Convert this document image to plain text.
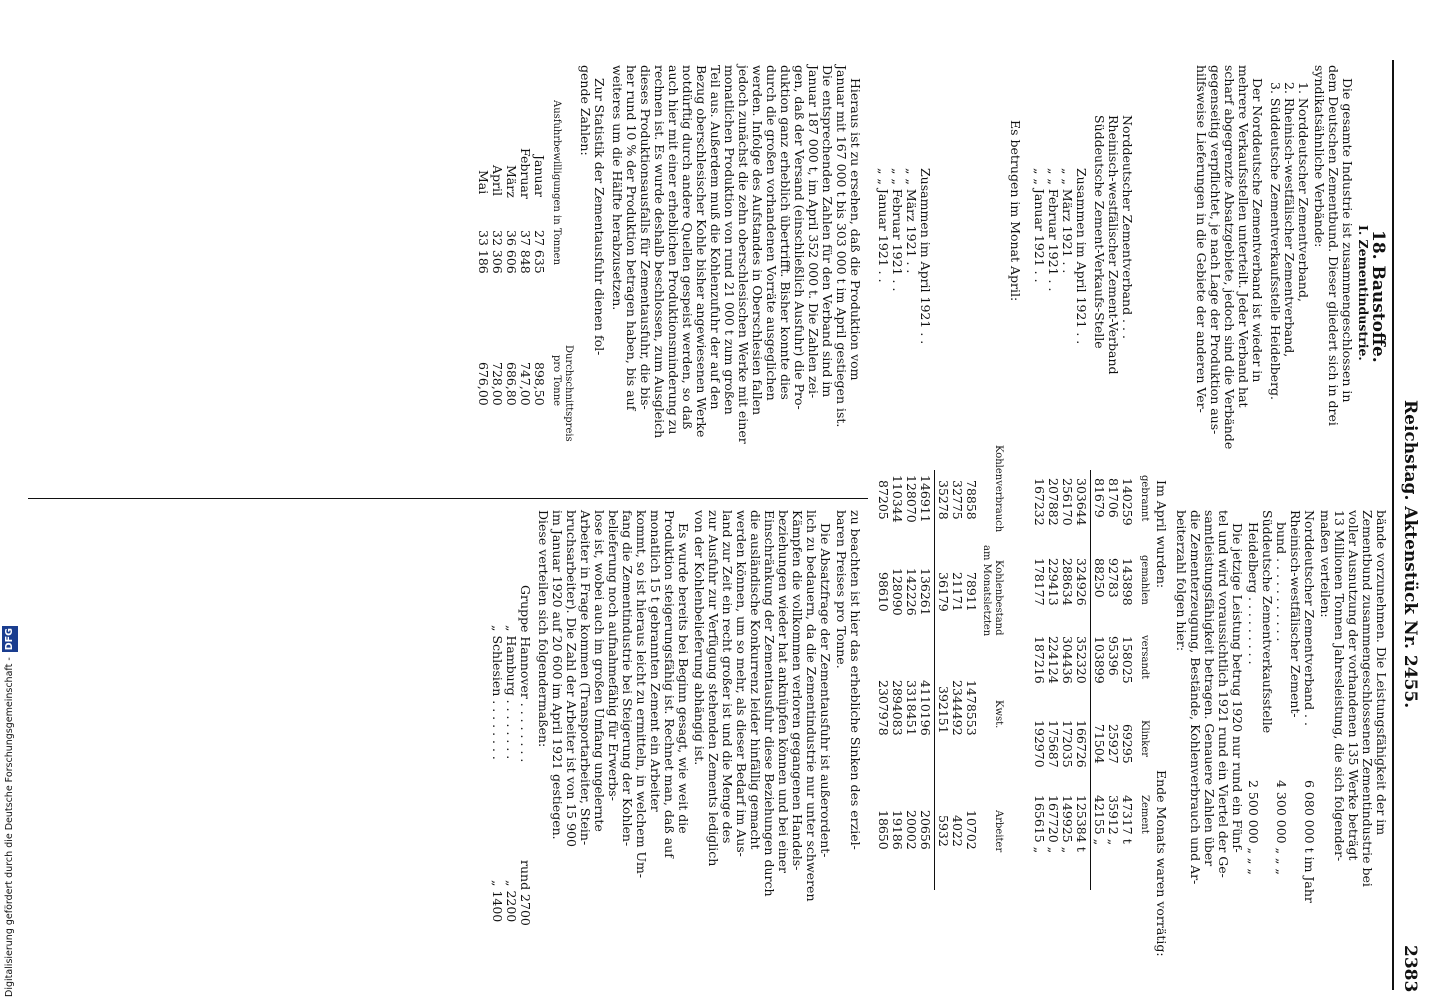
Reichstag. Aktenstück Nr. 2455.
2383
18. Baustoffe.
I. Zementindustrie.
Die gesamte Industrie ist zusammengeschlossen in
dem Deutschen Zementbund. Dieser gliedert sich in drei
syndikatsähnliche Verbände:
1. Norddeutscher Zementverband,
2. Rheinisch-westfälischer Zementverband,
3. Süddeutsche Zementverkaufsstelle Heidelberg.
Der Norddeutsche Zementverband ist wieder in
mehrere Verkaufsstellen unterteilt. Jeder Verband hat
scharf abgegrenzte Absatzgebiete, jedoch sind die Verbände
gegenseitig verpflichtet, je nach Lage der Produktion aus-
hilfsweise Lieferungen in die Gebiete der anderen Ver-
bände vorzunehmen. Die Leistungsfähigkeit der im
Zementbund zusammengeschlossenen Zementindustrie bei
voller Ausnutzung der vorhandenen 135 Werke beträgt
13 Millionen Tonnen Jahresleistung, die sich folgender-
maßen verteilen:
Norddeutscher Zementverband . .
6 080 000 t im Jahr
Rheinisch-westfälischer Zement-
bund . . . . . . . . . . .
4 300 000 „ „ „
Süddeutsche Zementverkaufsstelle
Heidelberg . . . . . . . . .
2 500 000 „ „ „
Die jetzige Leistung betrug 1920 nur rund ein Fünf-
tel und wird voraussichtlich 1921 rund ein Viertel der Ge-
samtleistungsfähigkeit betragen. Genauere Zahlen über
die Zementerzeugung, Bestände, Kohlenverbrauch und Ar-
beiterzahl folgen hier:
Im April wurden:
Ende Monats waren vorrätig:
gebrannt
gemahlen
versandt
Klinker
Zement
Norddeutscher Zementverband . . .
140259
143898
158025
69295
47317 t
Rheinisch-westfälischer Zement-Verband
81706
92783
95396
25927
35912 „
Süddeutsche Zement-Verkaufs-Stelle
81679
88250
103899
71504
42155 „
Zusammen im April 1921 . .
303644
324926
352320
166726
125384 t
„ „ März 1921 . .
256170
288634
304436
172035
149925 „
„ „ Februar 1921 . .
207882
229413
224124
175687
167720 „
„ „ Januar 1921 . .
167232
178177
187216
192970
165615 „
Es betrugen im Monat April:
Kohlenverbrauch
Kohlenbestand
Kwst.
Arbeiter
am Monatsletzten
78858
78911
1478553
10702
32775
21171
2344492
4022
35278
36179
392151
5932
Zusammen im April 1921 . .
146911
136261
4110196
20656
„ „ März 1921 . .
128070
142226
3318451
20002
„ „ Februar 1921 . .
110344
128090
2894083
19186
„ „ Januar 1921 . .
87205
98610
2307978
18650
Hieraus ist zu ersehen, daß die Produktion vom
Januar mit 167 000 t bis 303 000 t im April gestiegen ist.
Die entsprechenden Zahlen für den Verband sind im
Januar 187 000 t, im April 352 000 t. Die Zahlen zei-
gen, daß der Versand (einschließlich Ausfuhr) die Pro-
duktion ganz erheblich übertrifft. Bisher konnte dies
durch die großen vorhandenen Vorräte ausgeglichen
werden. Infolge des Aufstandes in Oberschlesien fallen
jedoch zunächst die zehn oberschlesischen Werke mit einer
monatlichen Produktion von rund 21 000 t zum großen
Teil aus. Außerdem muß die Kohlenzufuhr der auf den
Bezug oberschlesischer Kohle bisher angewiesenen Werke
notdürftig durch andere Quellen gespeist werden, so daß
auch hier mit einer erheblichen Produktionsminderung zu
rechnen ist. Es wurde deshalb beschlossen, zum Ausgleich
dieses Produktionsausfalls für Zementausfuhr, die bis-
her rund 10 % der Produktion betragen haben, bis auf
weiteres um die Hälfte herabzusetzen.
Zur Statistik der Zementausfuhr dienen fol-
gende Zahlen:
Ausfuhrbewilligungen in Tonnen
Durchschnittspreis
pro Tonne
Januar
27 635
898,50
Februar
37 848
747,00
März
36 606
686,80
April
32 306
728,00
Mai
33 186
676,00
zu beachten ist hier das erhebliche Sinken des erziel-
baren Preises pro Tonne.
Die Absatzfrage der Zementausfuhr ist außerordent-
lich zu bedauern, da die Zementindustrie nur unter schweren
Kämpfen die vollkommen verloren gegangenen Handels-
beziehungen wieder hat anknüpfen können und bei einer
Einschränkung der Zementausfuhr diese Beziehungen durch
die ausländische Konkurrenz leider hinfällig gemacht
werden können, um so mehr, als dieser Bedarf im Aus-
land zur Zeit ein recht großer ist und die Menge des
zur Ausfuhr zur Verfügung stehenden Zements lediglich
von der Kohlenbelieferung abhängig ist.
Es wurde bereits bei Beginn gesagt, wie weit die
Produktion steigerungsfähig ist. Rechnet man, daß auf
monatlich 15 t gebrannten Zement ein Arbeiter
kommt, so ist hieraus leicht zu ermitteln, in welchem Um-
fang die Zementindustrie bei Steigerung der Kohlen-
belieferung noch aufnahmefähig für Erwerbs-
lose ist, wobei auch im großen Umfang ungelernte
Arbeiter in Frage kommen (Transportarbeiter, Stein-
bruchsarbeiter). Die Zahl der Arbeiter ist von 15 900
im Januar 1920 auf 20 600 im April 1921 gestiegen.
Diese verteilen sich folgendermaßen:
Gruppe Hannover . . . . . . . .
rund 2700
„ Hamburg . . . . . . . .
„ 2200
„ Schlesien . . . . . . . .
„ 1400
Digitalisierung gefördert durch die Deutsche Forschungsgemeinschaft - DFG
